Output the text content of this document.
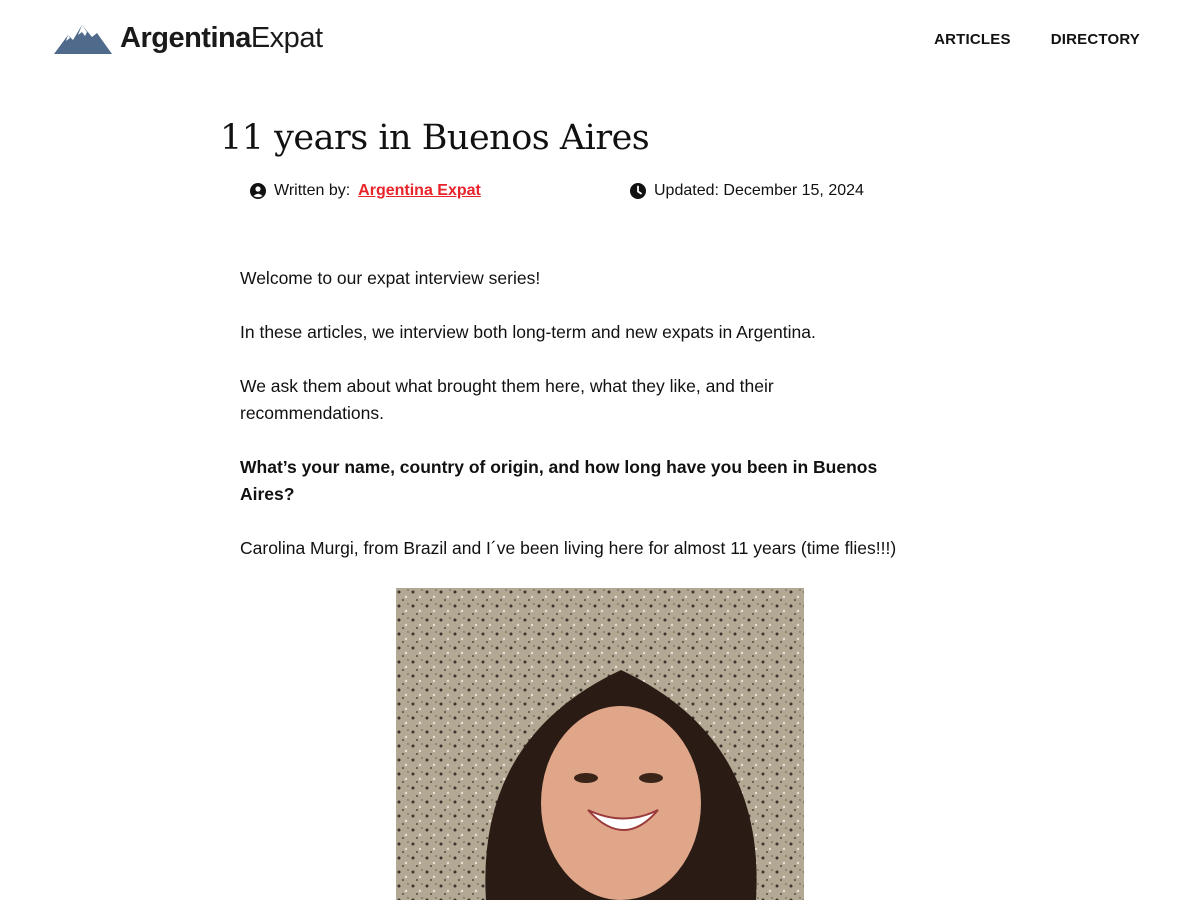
ArgentinaExpat	ARTICLES	DIRECTORY
11 years in Buenos Aires
Written by: Argentina Expat	Updated: December 15, 2024

Welcome to our expat interview series!

In these articles, we interview both long-term and new expats in Argentina.

We ask them about what brought them here, what they like, and their recommendations.

What’s your name, country of origin, and how long have you been in Buenos Aires?

Carolina Murgi, from Brazil and I´ve been living here for almost 11 years (time flies!!!)
